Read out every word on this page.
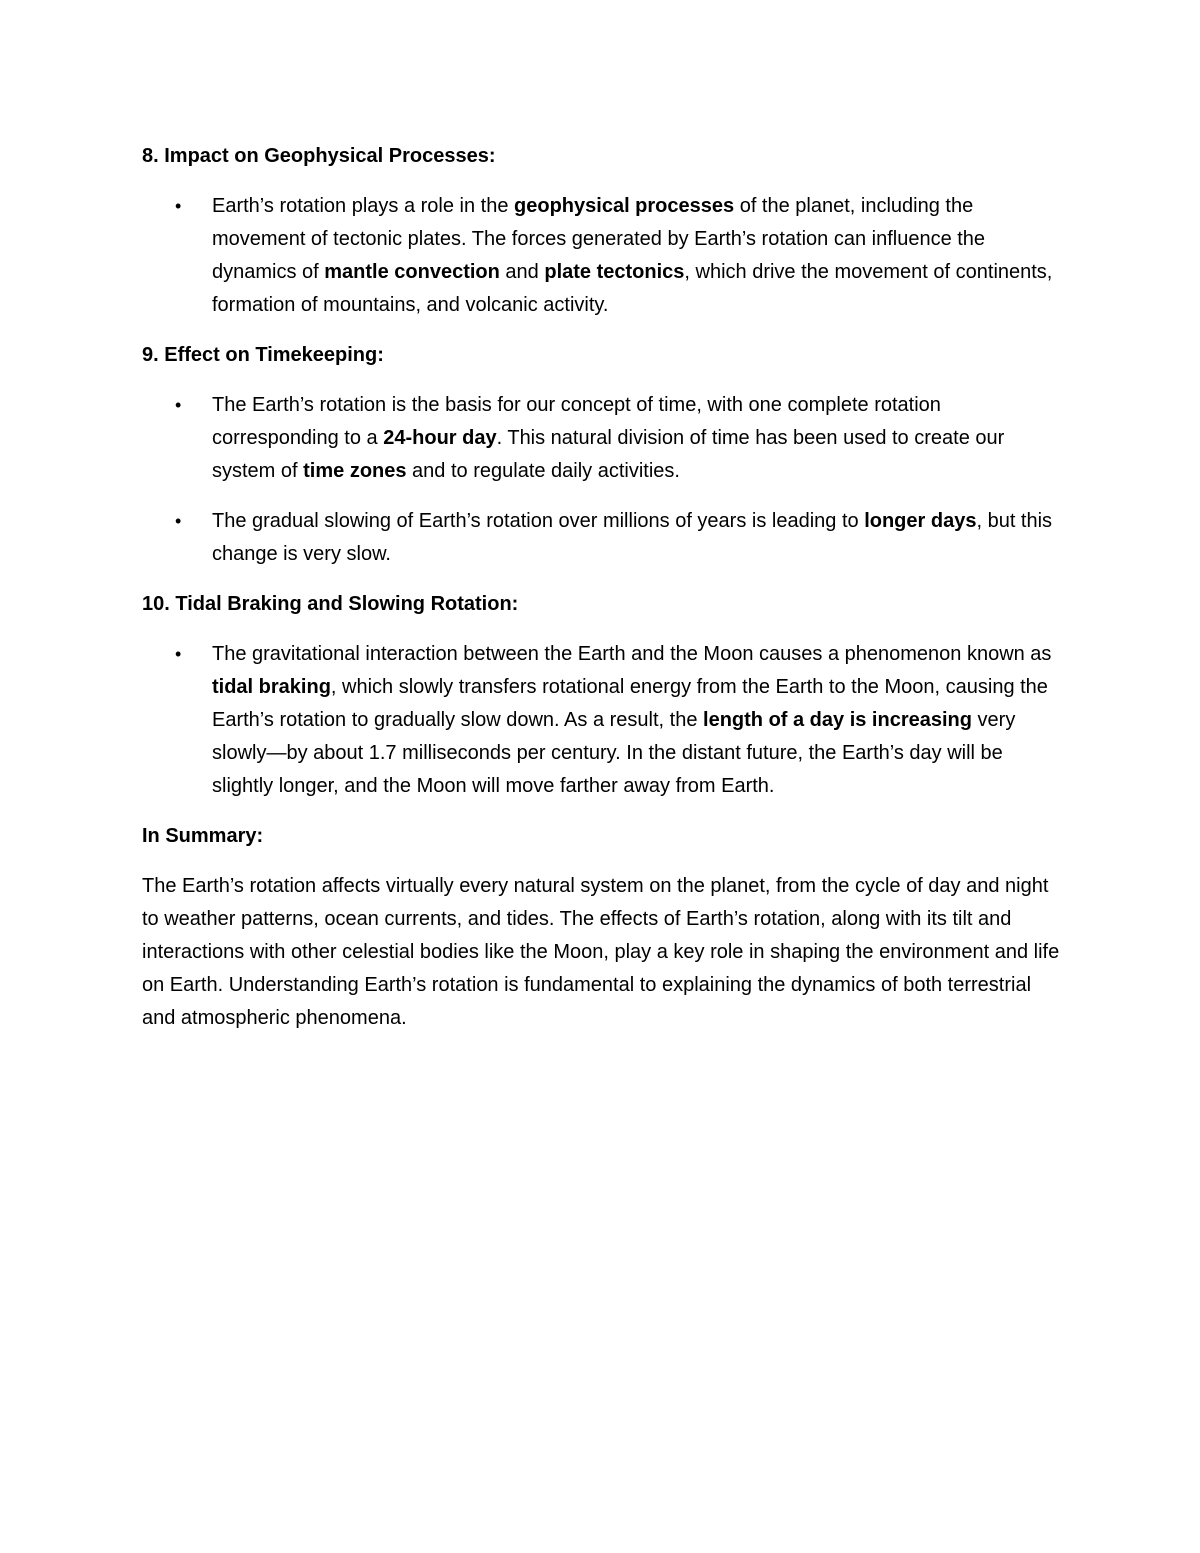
8. Impact on Geophysical Processes:
• Earth’s rotation plays a role in the geophysical processes of the planet, including the movement of tectonic plates. The forces generated by Earth’s rotation can influence the dynamics of mantle convection and plate tectonics, which drive the movement of continents, formation of mountains, and volcanic activity.

9. Effect on Timekeeping:
• The Earth’s rotation is the basis for our concept of time, with one complete rotation corresponding to a 24-hour day. This natural division of time has been used to create our system of time zones and to regulate daily activities.

• The gradual slowing of Earth’s rotation over millions of years is leading to longer days, but this change is very slow.

10. Tidal Braking and Slowing Rotation:
• The gravitational interaction between the Earth and the Moon causes a phenomenon known as tidal braking, which slowly transfers rotational energy from the Earth to the Moon, causing the Earth’s rotation to gradually slow down. As a result, the length of a day is increasing very slowly—by about 1.7 milliseconds per century. In the distant future, the Earth’s day will be slightly longer, and the Moon will move farther away from Earth.

In Summary:

The Earth’s rotation affects virtually every natural system on the planet, from the cycle of day and night to weather patterns, ocean currents, and tides. The effects of Earth’s rotation, along with its tilt and interactions with other celestial bodies like the Moon, play a key role in shaping the environment and life on Earth. Understanding Earth’s rotation is fundamental to explaining the dynamics of both terrestrial and atmospheric phenomena.
